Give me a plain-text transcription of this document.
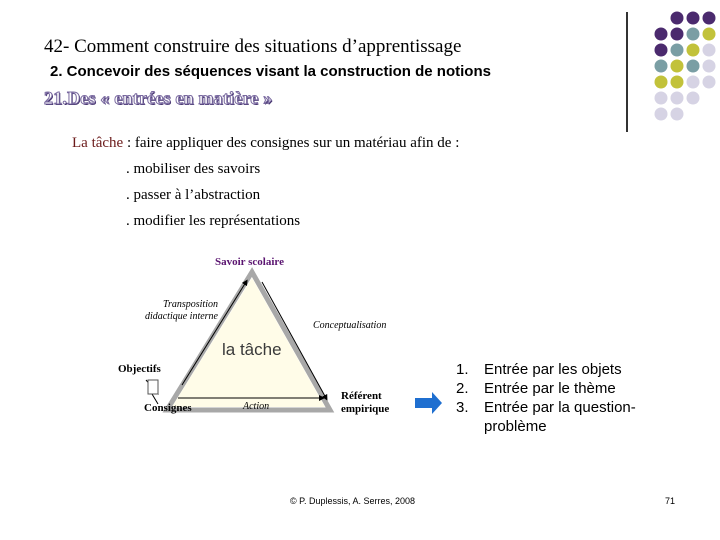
42- Comment construire des situations d’apprentissage
2. Concevoir des séquences visant la construction de notions
21.Des « entrées en matière »
La tâche : faire appliquer des consignes sur un matériau afin de :
. mobiliser des savoirs
. passer à l’abstraction
. modifier les représentations
Savoir scolaire
Transposition didactique interne
Conceptualisation
la tâche
Objectifs
Consignes	Action
Référent empirique
1.	Entrée par les objets
2.	Entrée par le thème
3.	Entrée par la question-problème
© P. Duplessis, A. Serres, 2008	71
